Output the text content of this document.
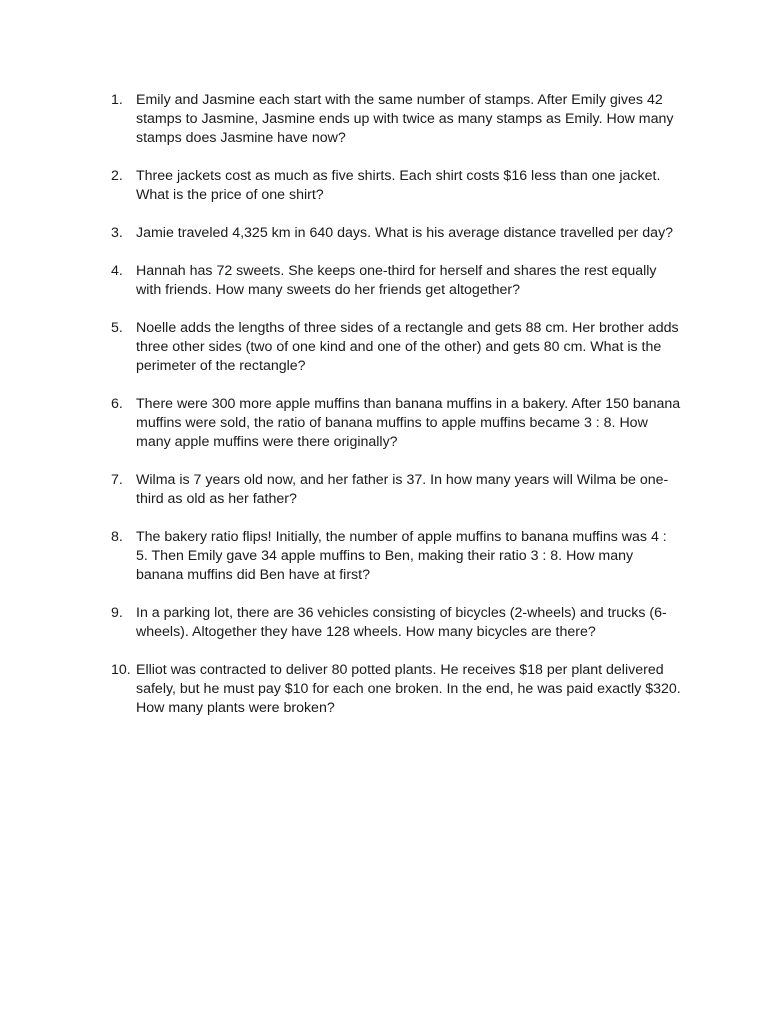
1. Emily and Jasmine each start with the same number of stamps. After Emily gives 42 stamps to Jasmine, Jasmine ends up with twice as many stamps as Emily. How many stamps does Jasmine have now?
2. Three jackets cost as much as five shirts. Each shirt costs $16 less than one jacket. What is the price of one shirt?
3. Jamie traveled 4,325 km in 640 days. What is his average distance travelled per day?
4. Hannah has 72 sweets. She keeps one-third for herself and shares the rest equally with friends. How many sweets do her friends get altogether?
5. Noelle adds the lengths of three sides of a rectangle and gets 88 cm. Her brother adds three other sides (two of one kind and one of the other) and gets 80 cm. What is the perimeter of the rectangle?
6. There were 300 more apple muffins than banana muffins in a bakery. After 150 banana muffins were sold, the ratio of banana muffins to apple muffins became 3 : 8. How many apple muffins were there originally?
7. Wilma is 7 years old now, and her father is 37. In how many years will Wilma be one-third as old as her father?
8. The bakery ratio flips! Initially, the number of apple muffins to banana muffins was 4 : 5. Then Emily gave 34 apple muffins to Ben, making their ratio 3 : 8. How many banana muffins did Ben have at first?
9. In a parking lot, there are 36 vehicles consisting of bicycles (2-wheels) and trucks (6-wheels). Altogether they have 128 wheels. How many bicycles are there?
10. Elliot was contracted to deliver 80 potted plants. He receives $18 per plant delivered safely, but he must pay $10 for each one broken. In the end, he was paid exactly $320. How many plants were broken?
